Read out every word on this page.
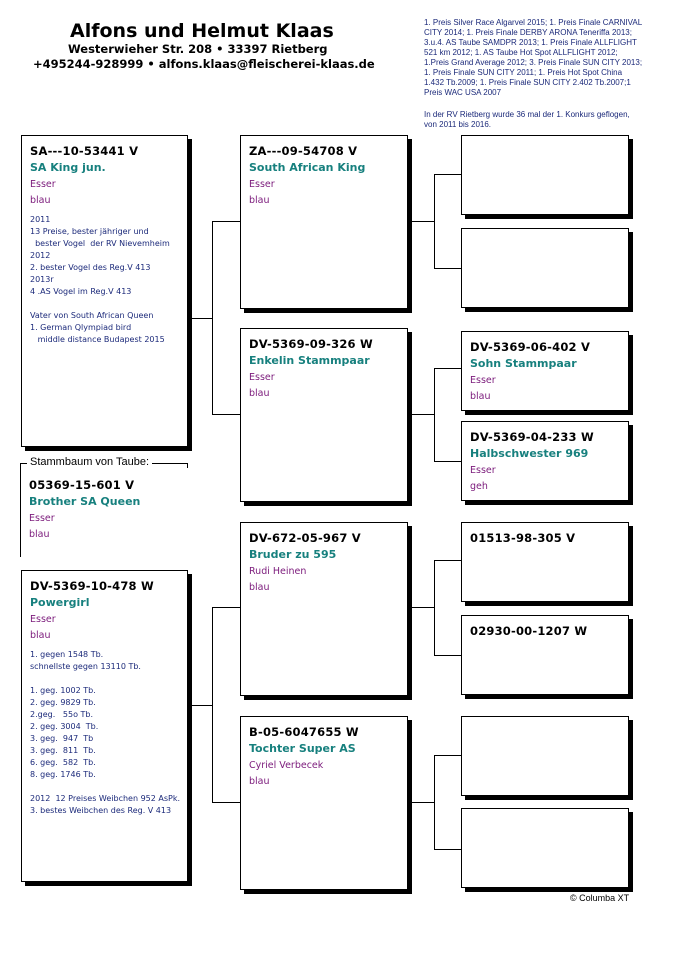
Alfons und Helmut Klaas
Westerwieher Str. 208 • 33397 Rietberg
+495244-928999 • alfons.klaas@fleischerei-klaas.de
1. Preis Silver Race Algarvel 2015; 1. Preis Finale CARNIVAL CITY 2014; 1. Preis Finale DERBY ARONA Teneriffa 2013; 3.u.4. AS Taube SAMDPR 2013; 1. Preis Finale ALLFLIGHT 521 km 2012; 1. AS Taube Hot Spot ALLFLIGHT 2012; 1.Preis Grand Average 2012; 3. Preis Finale SUN CITY 2013; 1. Preis Finale SUN CITY 2011; 1. Preis Hot Spot China 1.432 Tb.2009; 1. Preis Finale SUN CITY 2.402 Tb.2007;1 Preis WAC USA 2007
In der RV Rietberg wurde 36 mal der 1. Konkurs geflogen, von 2011 bis 2016.
SA---10-53441 V
SA King jun.
Esser
blau
2011
13 Preise, bester jähriger und
bester Vogel  der RV Nievemheim
2012
2. bester Vogel des Reg.V 413
2013r
4 .AS Vogel im Reg.V 413

Vater von South African Queen
1. German Qlympiad bird
middle distance Budapest 2015
Stammbaum von Taube:
05369-15-601 V
Brother SA Queen
Esser
blau
DV-5369-10-478 W
Powergirl
Esser
blau
1. gegen 1548 Tb.
schnellste gegen 13110 Tb.

1. geg. 1002 Tb.
2. geg. 9829 Tb.
2.geg.   55o Tb.
2. geg. 3004  Tb.
3. geg.  947  Tb
3. geg.  811  Tb.
6. geg.  582  Tb.
8. geg. 1746 Tb.

2012  12 Preises Weibchen 952 AsPk.
3. bestes Weibchen des Reg. V 413
ZA---09-54708 V
South African King
Esser
blau
DV-5369-09-326 W
Enkelin Stammpaar
Esser
blau
DV-672-05-967 V
Bruder zu 595
Rudi Heinen
blau
B-05-6047655 W
Tochter Super AS
Cyriel Verbecek
blau
DV-5369-06-402 V
Sohn Stammpaar
Esser
blau
DV-5369-04-233 W
Halbschwester 969
Esser
geh
01513-98-305 V
02930-00-1207 W
© Columba XT
